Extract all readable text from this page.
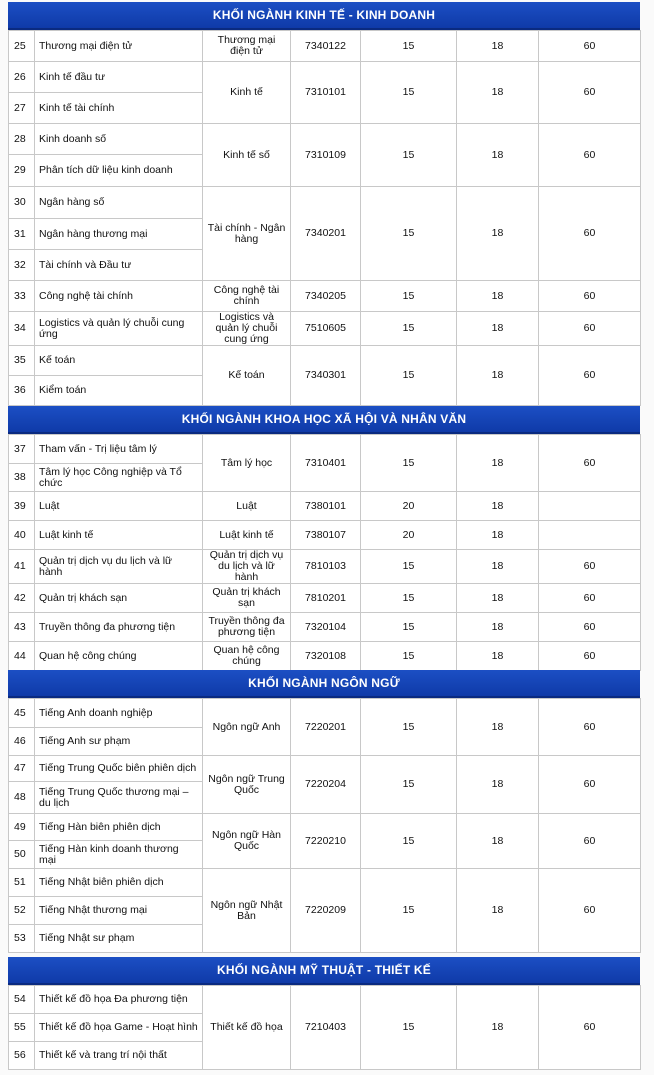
KHỐI NGÀNH KINH TẾ - KINH DOANH
25	Thương mại điện tử	Thương mại điện tử	7340122	15	18	60
26	Kinh tế đầu tư	Kinh tế	7310101	15	18	60
27	Kinh tế tài chính					
28	Kinh doanh số	Kinh tế số	7310109	15	18	60
29	Phân tích dữ liệu kinh doanh					
30	Ngân hàng số	Tài chính - Ngân hàng	7340201	15	18	60
31	Ngân hàng thương mại					
32	Tài chính và Đầu tư					
33	Công nghệ tài chính	Công nghệ tài chính	7340205	15	18	60
34	Logistics và quản lý chuỗi cung ứng	Logistics và quản lý chuỗi cung ứng	7510605	15	18	60
35	Kế toán	Kế toán	7340301	15	18	60
36	Kiểm toán					
KHỐI NGÀNH KHOA HỌC XÃ HỘI VÀ NHÂN VĂN
37	Tham vấn - Trị liệu tâm lý	Tâm lý học	7310401	15	18	60
38	Tâm lý học Công nghiệp và Tổ chức					
39	Luật	Luật	7380101	20	18	
40	Luật kinh tế	Luật kinh tế	7380107	20	18	
41	Quản trị dịch vụ du lịch và lữ hành	Quản trị dịch vụ du lịch và lữ hành	7810103	15	18	60
42	Quản trị khách sạn	Quản trị khách sạn	7810201	15	18	60
43	Truyền thông đa phương tiện	Truyền thông đa phương tiện	7320104	15	18	60
44	Quan hệ công chúng	Quan hệ công chúng	7320108	15	18	60
KHỐI NGÀNH NGÔN NGỮ
45	Tiếng Anh doanh nghiệp	Ngôn ngữ Anh	7220201	15	18	60
46	Tiếng Anh sư phạm					
47	Tiếng Trung Quốc biên phiên dịch	Ngôn ngữ Trung Quốc	7220204	15	18	60
48	Tiếng Trung Quốc thương mại – du lịch					
49	Tiếng Hàn biên phiên dịch	Ngôn ngữ Hàn Quốc	7220210	15	18	60
50	Tiếng Hàn kinh doanh thương mại					
51	Tiếng Nhật biên phiên dịch	Ngôn ngữ Nhật Bản	7220209	15	18	60
52	Tiếng Nhật thương mại					
53	Tiếng Nhật sư phạm					
KHỐI NGÀNH MỸ THUẬT - THIẾT KẾ
54	Thiết kế đồ họa Đa phương tiện	Thiết kế đồ họa	7210403	15	18	60
55	Thiết kế đồ họa Game - Hoạt hình					
56	Thiết kế và trang trí nội thất					
